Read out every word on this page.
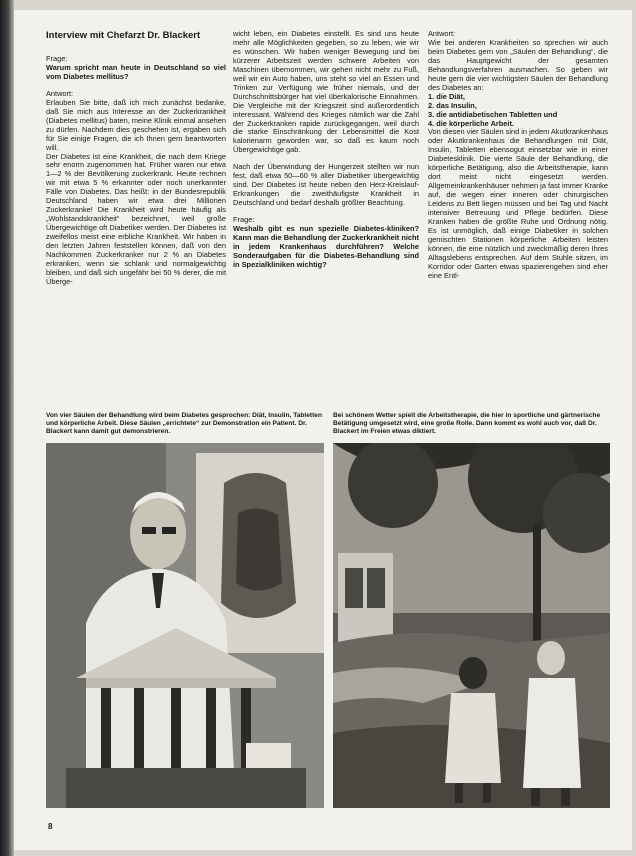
Interview mit Chefarzt Dr. Blackert

Frage:

Warum spricht man heute in Deutschland so viel vom Diabetes mellitus?

Antwort:

Erlauben Sie bitte, daß ich mich zunächst bedanke, daß Sie mich aus Interesse an der Zuckerkrankheit (Diabetes mellitus) baten, meine Klinik einmal ansehen zu dürfen. Nachdem dies geschehen ist, ergaben sich für Sie einige Fragen, die ich Ihnen gern beantworten will.

Der Diabetes ist eine Krankheit, die nach dem Kriege sehr enorm zugenommen hat. Früher waren nur etwa 1—2 % der Bevölkerung zuckerkrank. Heute rechnen wir mit etwa 5 % erkannter oder noch unerkannter Fälle von Diabetes. Das heißt: in der Bundesrepublik Deutschland haben wir etwa drei Millionen Zuckerkranke! Die Krankheit wird heute häufig als „Wohlstandskrankheit“ bezeichnet, weil große Übergewichtige oft Diabetiker werden. Der Diabetes ist zweifellos meist eine erbliche Krankheit. Wir haben in den letzten Jahren feststellen können, daß von den Nachkommen Zuckerkranker nur 2 % an Diabetes erkranken, wenn sie schlank und normalgewichtig bleiben, und daß sich ungefähr bei 50 % derer, die mit Überge-

wicht leben, ein Diabetes einstellt. Es sind uns heute mehr alle Möglichkeiten gegeben, so zu leben, wie wir es wünschen. Wir haben weniger Bewegung und bei kürzerer Arbeitszeit werden schwere Arbeiten von Maschinen übernommen, wir gehen nicht mehr zu Fuß, weil wir ein Auto haben, uns steht so viel an Essen und Trinken zur Verfügung wie früher niemals, und der Durchschnittsbürger hat viel überkalorische Einnahmen. Die Vergleiche mit der Kriegszeit sind außerordentlich interessant. Während des Krieges nämlich war die Zahl der Zuckerkranken rapide zurückgegangen, weil durch die starke Einschränkung der Lebensmittel die Kost kalorienarm geworden war, so daß es kaum noch Übergewichtige gab.

Nach der Überwindung der Hungerzeit stellten wir nun fest, daß etwa 50—60 % aller Diabetiker übergewichtig sind. Der Diabetes ist heute neben den Herz-Kreislauf-Erkrankungen die zweithäufigste Krankheit in Deutschland und bedarf deshalb größter Beachtung.

Frage:

Weshalb gibt es nun spezielle Diabetes-kliniken? Kann man die Behandlung der Zuckerkrankheit nicht in jedem Krankenhaus durchführen? Welche Sonderaufgaben für die Diabetes-Behandlung sind in Spezialkliniken wichtig?

Antwort:

Wie bei anderen Krankheiten so sprechen wir auch beim Diabetes gern von „Säulen der Behandlung“, die das Hauptgewicht der gesamten Behandlungsverfahren ausmachen. So geben wir heute gern die vier wichtigsten Säulen der Behandlung des Diabetes an:

1. die Diät,

2. das Insulin,

3. die antidiabetischen Tabletten und

4. die körperliche Arbeit.

Von diesen vier Säulen sind in jedem Akutkrankenhaus oder Akutkrankenhaus die Behandlungen mit Diät, Insulin, Tabletten ebensogut einsetzbar wie in einer Diabetesklinik. Die vierte Säule der Behandlung, die körperliche Betätigung, also die Arbeitstherapie, kann dort meist nicht eingesetzt werden. Allgemeinkrankenhäuser nehmen ja fast immer Kranke auf, die wegen einer inneren oder chirurgischen Leidens zu Bett liegen müssen und bei Tag und Nacht intensiver Betreuung und Pflege bedürfen. Diese Kranken haben die größte Ruhe und Ordnung nötig. Es ist unmöglich, daß einige Diabetiker in solchen gemischten Stationen körperliche Arbeiten leisten können, die eine nützlich und zweckmäßig deren Ihres Alltagslebens entsprechen. Auf dem Stuhle sitzen, im Korridor oder Garten etwas spazierengehen sind eher eine Entl-

Von vier Säulen der Behandlung wird beim Diabetes gesprochen: Diät, Insulin, Tabletten und körperliche Arbeit. Diese Säulen „errichtete“ zur Demonstration ein Patient. Dr. Blackert kann damit gut demonstrieren.
Bei schönem Wetter spielt die Arbeitstherapie, die hier in sportliche und gärtnerische Betätigung umgesetzt wird, eine große Rolle. Dann kommt es wohl auch vor, daß Dr. Blackert im Freien etwas diktiert.
8
